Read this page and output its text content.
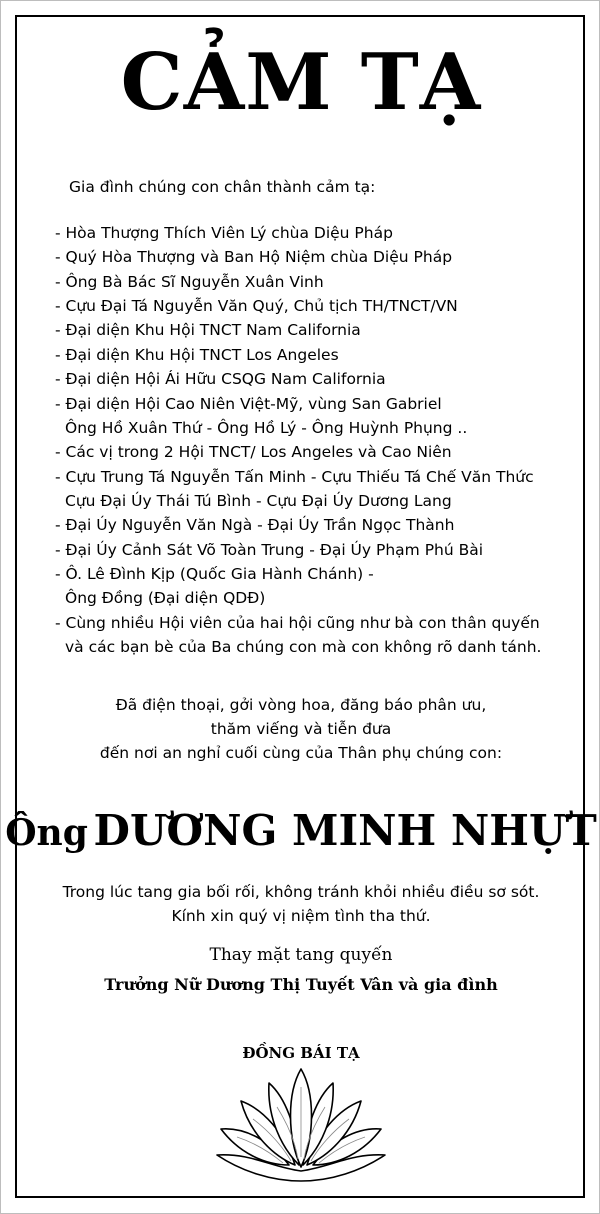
CẢM TẠ
Gia đình chúng con chân thành cảm tạ:
- Hòa Thượng Thích Viên Lý chùa Diệu Pháp
- Quý Hòa Thượng và Ban Hộ Niệm chùa Diệu Pháp
- Ông Bà Bác Sĩ Nguyễn Xuân Vinh
- Cựu Đại Tá Nguyễn Văn Quý, Chủ tịch TH/TNCT/VN
- Đại diện Khu Hội TNCT Nam California
- Đại diện Khu Hội TNCT Los Angeles
- Đại diện Hội Ái Hữu CSQG Nam California
- Đại diện Hội Cao Niên Việt-Mỹ, vùng San Gabriel
Ông Hồ Xuân Thứ - Ông Hồ Lý - Ông Huỳnh Phụng ..
- Các vị trong 2 Hội TNCT/ Los Angeles và Cao Niên
- Cựu Trung Tá Nguyễn Tấn Minh - Cựu Thiếu Tá Chế Văn Thức
Cựu Đại Úy Thái Tú Bình - Cựu Đại Úy Dương Lang
- Đại Úy Nguyễn Văn Ngà - Đại Úy Trần Ngọc Thành
- Đại Úy Cảnh Sát Võ Toàn Trung - Đại Úy Phạm Phú Bài
- Ô. Lê Đình Kịp (Quốc Gia Hành Chánh) -
Ông Đồng (Đại diện QDĐ)
- Cùng nhiều Hội viên của hai hội cũng như bà con thân quyến
và các bạn bè của Ba chúng con mà con không rõ danh tánh.
Đã điện thoại, gởi vòng hoa, đăng báo phân ưu,
thăm viếng và tiễn đưa
đến nơi an nghỉ cuối cùng của Thân phụ chúng con:
Ông DƯƠNG MINH NHỰT
Trong lúc tang gia bối rối, không tránh khỏi nhiều điều sơ sót.
Kính xin quý vị niệm tình tha thứ.
Thay mặt tang quyến
Trưởng Nữ Dương Thị Tuyết Vân và gia đình
ĐỒNG BÁI TẠ
